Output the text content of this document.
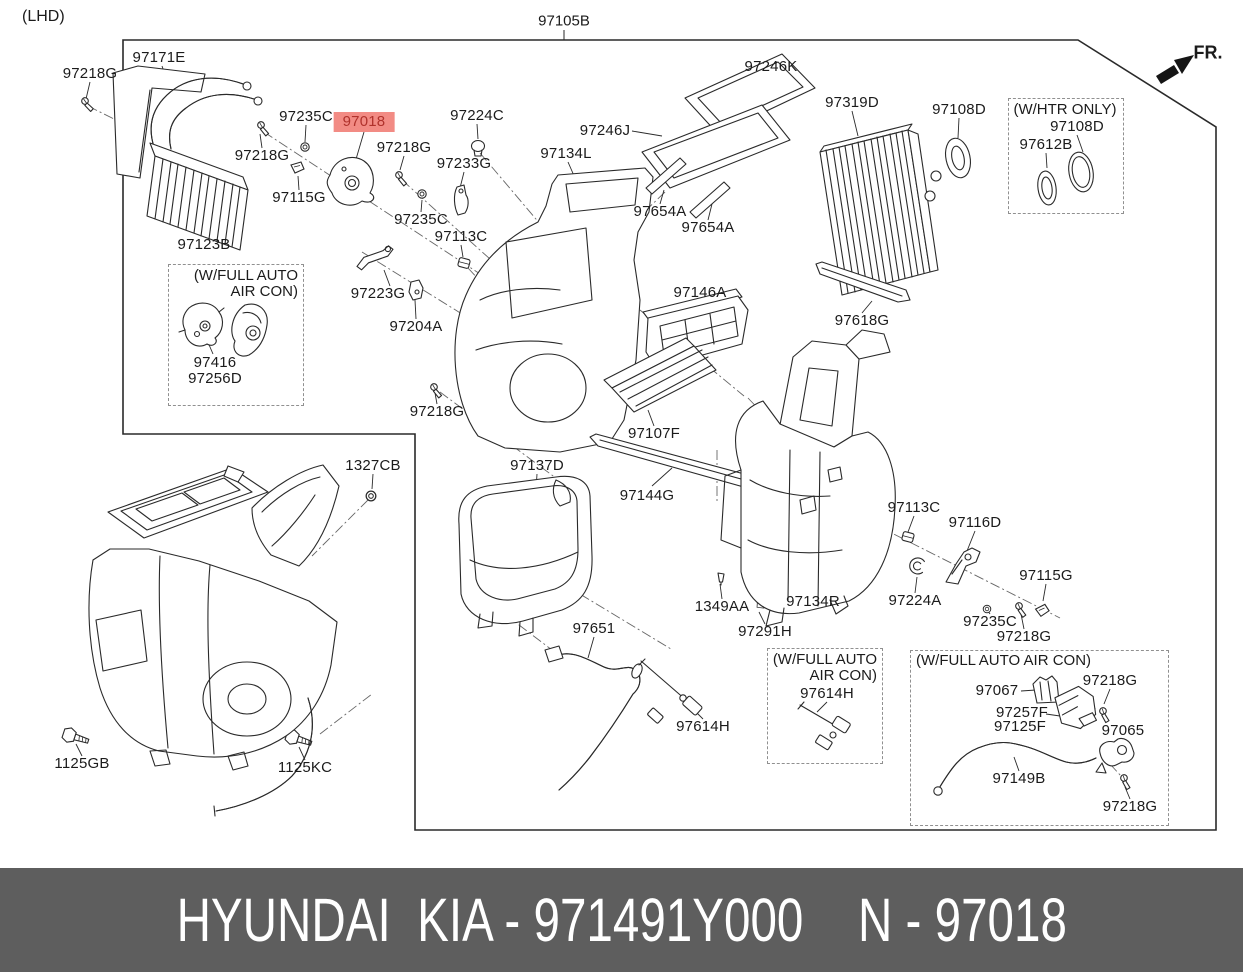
(LHD)	97105B
FR.
(W/FULL AUTO
AIR CON)
(W/HTR ONLY)
(W/FULL AUTO
AIR CON)
(W/FULL AUTO AIR CON)
97218G
97171E
97235C 97018	97224C
97218G
97233G
97134L
97246K
97246J
97319D	97108D
97218G
97115G
97235C
97113C
97654A
97654A
97123B
97223G
97204A
97146A
97618G
97218G
97107F
97137D
1327CB
97144G
97113C
97116D
97115G
97224A
97134R
1349AA
97235C
97291H	97218G
97651
97614H
1125GB	1125KC
97108D
97612B
97416
97256D
97614H	97067
97218G
97257F
97125F	97065
97149B
97218G
HYUNDAI  KIA - 971491Y000 N - 97018
